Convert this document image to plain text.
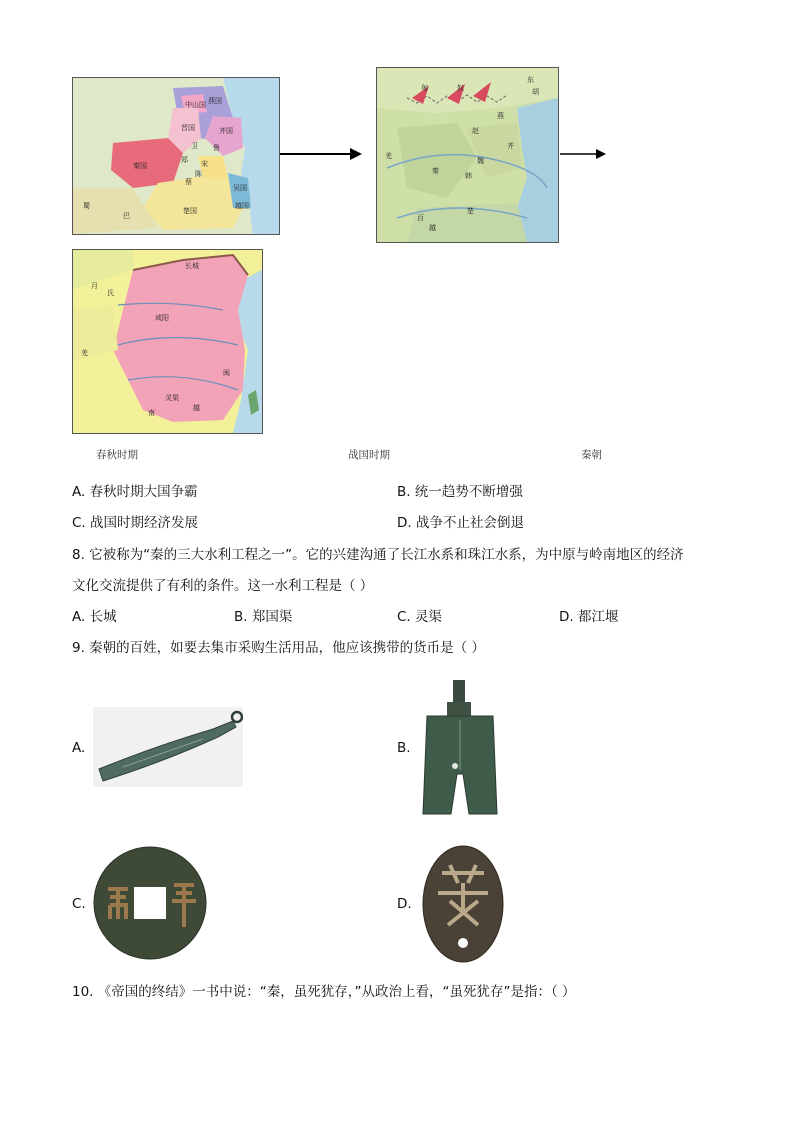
齐国
楚国
晋国
秦国
燕国
吴国
越国
蜀
巴
中山国
鲁
宋
郑
卫
陈
蔡
匈	奴
东
胡
羌
齐
楚
百
越
燕
赵
魏
韩
秦
南
越
闽
羌
月
氏
咸阳
长城
灵渠
春秋时期	战国时期	秦朝
A. 春秋时期大国争霸	B. 统一趋势不断增强
C. 战国时期经济发展	D. 战争不止社会倒退
8. 它被称为“秦的三大水利工程之一”。它的兴建沟通了长江水系和珠江水系，为中原与岭南地区的经济
文化交流提供了有利的条件。这一水利工程是（ ）
A. 长城	B. 郑国渠	C. 灵渠	D. 都江堰
9. 秦朝的百姓，如要去集市采购生活用品，他应该携带的货币是（ ）
A.	B.
C.	D.
10. 《帝国的终结》一书中说：“秦，虽死犹存，”从政治上看，“虽死犹存”是指：（ ）
